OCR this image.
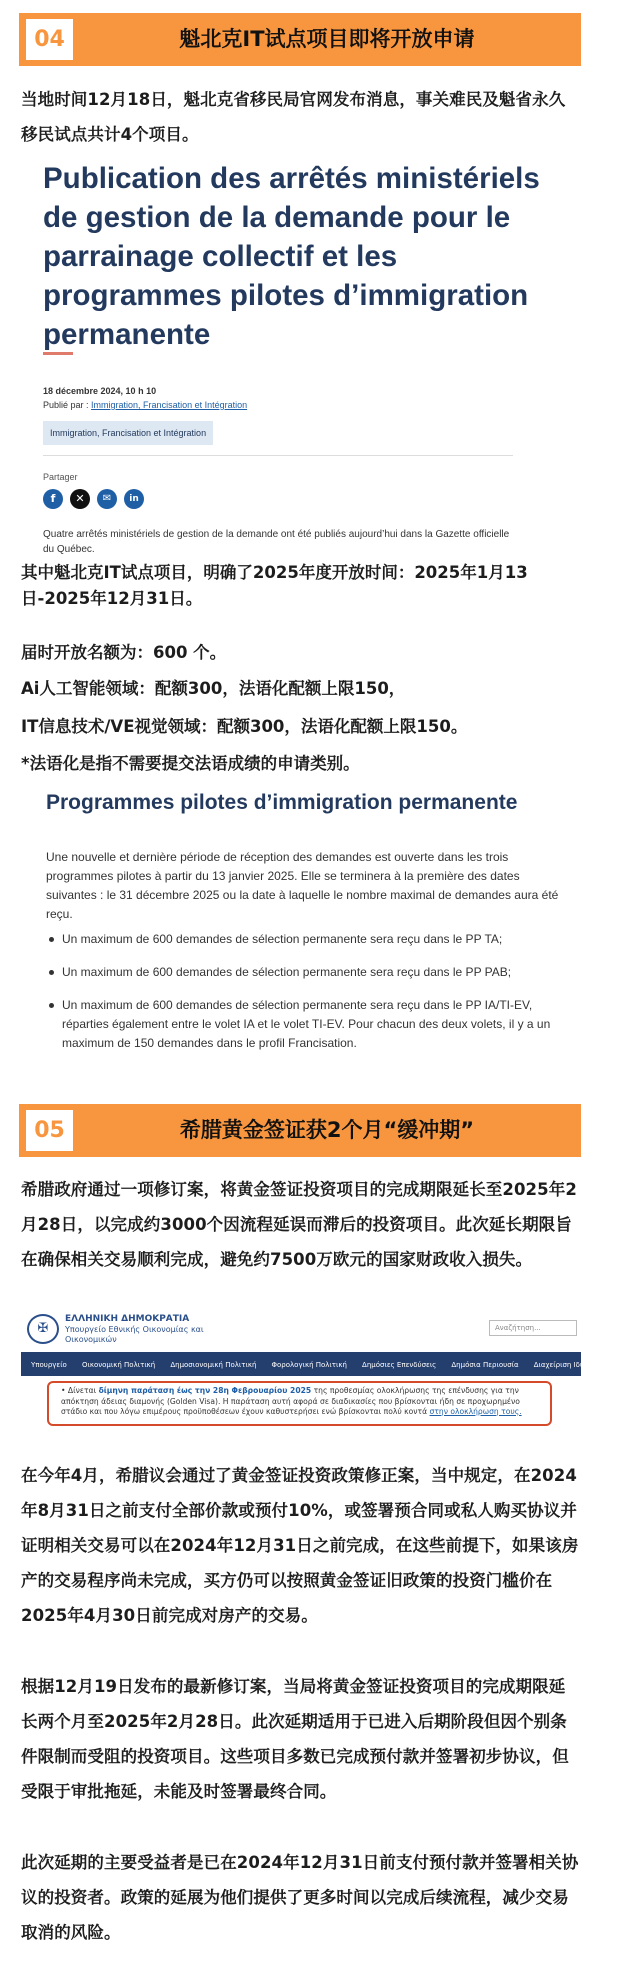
04	魁北克IT试点项目即将开放申请
当地时间12月18日，魁北克省移民局官网发布消息，事关难民及魁省永久移民试点共计4个项目。
Publication des arrêtés ministériels de gestion de la demande pour le parrainage collectif et les programmes pilotes d’immigration permanente
18 décembre 2024, 10 h 10
Publié par : Immigration, Francisation et Intégration
Immigration, Francisation et Intégration
Partager
f	✕	✉	in
Quatre arrêtés ministériels de gestion de la demande ont été publiés aujourd’hui dans la Gazette officielle du Québec.
其中魁北克IT试点项目，明确了2025年度开放时间：2025年1月13日-2025年12月31日。
届时开放名额为：600 个。
Ai人工智能领域：配额300，法语化配额上限150，
IT信息技术/VE视觉领域：配额300，法语化配额上限150。
*法语化是指不需要提交法语成绩的申请类别。
Programmes pilotes d’immigration permanente
Une nouvelle et dernière période de réception des demandes est ouverte dans les trois programmes pilotes à partir du 13 janvier 2025. Elle se terminera à la première des dates suivantes : le 31 décembre 2025 ou la date à laquelle le nombre maximal de demandes aura été reçu.
Un maximum de 600 demandes de sélection permanente sera reçu dans le PP TA;
Un maximum de 600 demandes de sélection permanente sera reçu dans le PP PAB;
Un maximum de 600 demandes de sélection permanente sera reçu dans le PP IA/TI-EV, réparties également entre le volet IA et le volet TI-EV. Pour chacun des deux volets, il y a un maximum de 150 demandes dans le profil Francisation.
05	希腊黄金签证获2个月“缓冲期”
希腊政府通过一项修订案，将黄金签证投资项目的完成期限延长至2025年2月28日，以完成约3000个因流程延误而滞后的投资项目。此次延长期限旨在确保相关交易顺利完成，避免约7500万欧元的国家财政收入损失。
✠
ΕΛΛΗΝΙΚΗ ΔΗΜΟΚΡΑΤΙΑ
Υπουργείο Εθνικής Οικονομίας και Οικονομικών
Αναζήτηση...
Υπουργείο Οικονομική Πολιτική Δημοσιονομική Πολιτική Φορολογική Πολιτική Δημόσιες Επενδύσεις Δημόσια Περιουσία Διαχείριση Ιδιωτικού Χρέους
• Δίνεται δίμηνη παράταση έως την 28η Φεβρουαρίου 2025 της προθεσμίας ολοκλήρωσης της επένδυσης για την απόκτηση άδειας διαμονής (Golden Visa). Η παράταση αυτή αφορά σε διαδικασίες που βρίσκονται ήδη σε προχωρημένο στάδιο και που λόγω επιμέρους προϋποθέσεων έχουν καθυστερήσει ενώ βρίσκονται πολύ κοντά στην ολοκλήρωση τους.
在今年4月，希腊议会通过了黄金签证投资政策修正案，当中规定，在2024年8月31日之前支付全部价款或预付10%，或签署预合同或私人购买协议并证明相关交易可以在2024年12月31日之前完成，在这些前提下，如果该房产的交易程序尚未完成，买方仍可以按照黄金签证旧政策的投资门槛价在2025年4月30日前完成对房产的交易。
根据12月19日发布的最新修订案，当局将黄金签证投资项目的完成期限延长两个月至2025年2月28日。此次延期适用于已进入后期阶段但因个别条件限制而受阻的投资项目。这些项目多数已完成预付款并签署初步协议，但受限于审批拖延，未能及时签署最终合同。
此次延期的主要受益者是已在2024年12月31日前支付预付款并签署相关协议的投资者。政策的延展为他们提供了更多时间以完成后续流程，减少交易取消的风险。
